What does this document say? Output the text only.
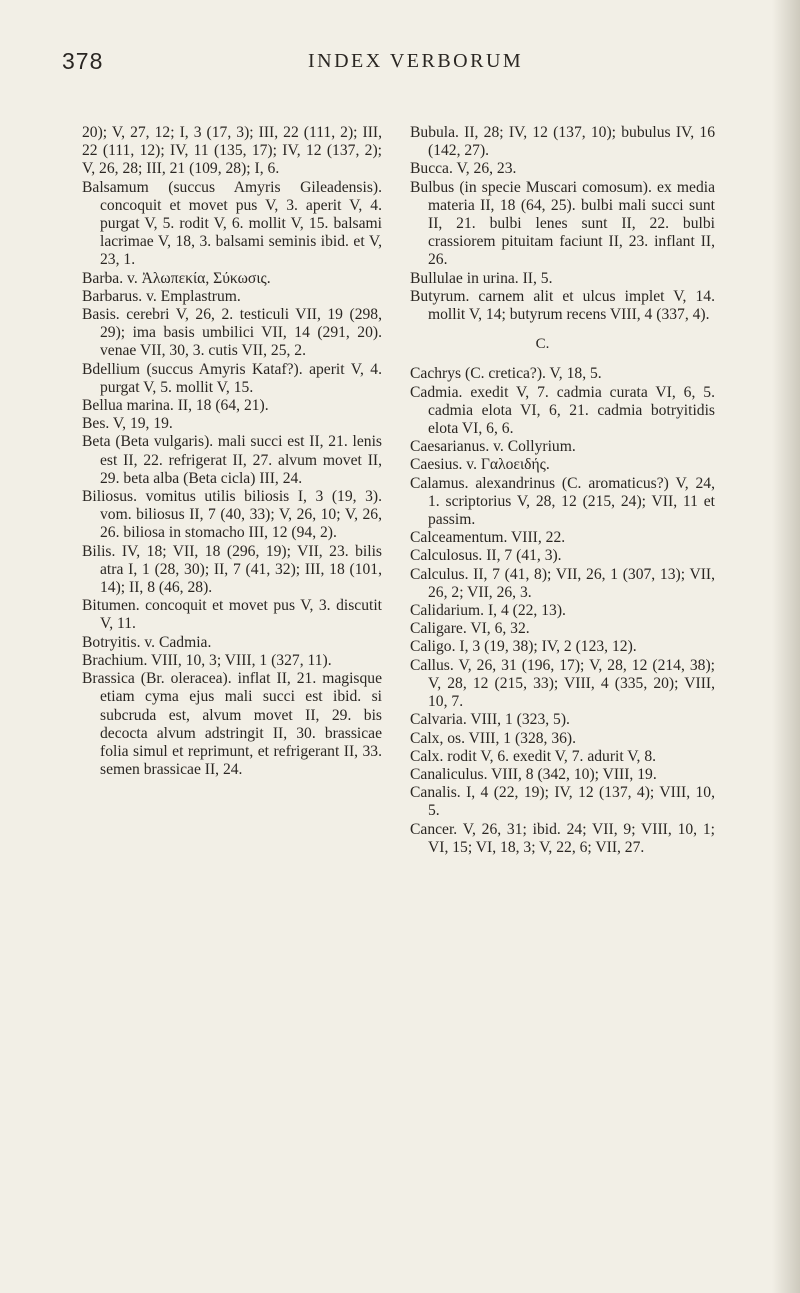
378	INDEX VERBORUM
20); V, 27, 12; I, 3 (17, 3); III, 22 (111, 2); III, 22 (111, 12); IV, 11 (135, 17); IV, 12 (137, 2); V, 26, 28; III, 21 (109, 28); I, 6.
Balsamum (succus Amyris Gileadensis). concoquit et movet pus V, 3. aperit V, 4. purgat V, 5. rodit V, 6. mollit V, 15. balsami lacrimae V, 18, 3. balsami seminis ibid. et V, 23, 1.
Barba. v. Ἀλωπεκία, Σύκωσις.
Barbarus. v. Emplastrum.
Basis. cerebri V, 26, 2. testiculi VII, 19 (298, 29); ima basis umbilici VII, 14 (291, 20). venae VII, 30, 3. cutis VII, 25, 2.
Bdellium (succus Amyris Kataf?). aperit V, 4. purgat V, 5. mollit V, 15.
Bellua marina. II, 18 (64, 21).
Bes. V, 19, 19.
Beta (Beta vulgaris). mali succi est II, 21. lenis est II, 22. refrigerat II, 27. alvum movet II, 29. beta alba (Beta cicla) III, 24.
Biliosus. vomitus utilis biliosis I, 3 (19, 3). vom. biliosus II, 7 (40, 33); V, 26, 10; V, 26, 26. biliosa in stomacho III, 12 (94, 2).
Bilis. IV, 18; VII, 18 (296, 19); VII, 23. bilis atra I, 1 (28, 30); II, 7 (41, 32); III, 18 (101, 14); II, 8 (46, 28).
Bitumen. concoquit et movet pus V, 3. discutit V, 11.
Botryitis. v. Cadmia.
Brachium. VIII, 10, 3; VIII, 1 (327, 11).
Brassica (Br. oleracea). inflat II, 21. magisque etiam cyma ejus mali succi est ibid. si subcruda est, alvum movet II, 29. bis decocta alvum adstringit II, 30. brassicae folia simul et reprimunt, et refrigerant II, 33. semen brassicae II, 24.
Bubula. II, 28; IV, 12 (137, 10); bubulus IV, 16 (142, 27).
Bucca. V, 26, 23.
Bulbus (in specie Muscari comosum). ex media materia II, 18 (64, 25). bulbi mali succi sunt II, 21. bulbi lenes sunt II, 22. bulbi crassiorem pituitam faciunt II, 23. inflant II, 26.
Bullulae in urina. II, 5.
Butyrum. carnem alit et ulcus implet V, 14. mollit V, 14; butyrum recens VIII, 4 (337, 4).
C.
Cachrys (C. cretica?). V, 18, 5.
Cadmia. exedit V, 7. cadmia curata VI, 6, 5. cadmia elota VI, 6, 21. cadmia botryitidis elota VI, 6, 6.
Caesarianus. v. Collyrium.
Caesius. v. Γαλοειδής.
Calamus. alexandrinus (C. aromaticus?) V, 24, 1. scriptorius V, 28, 12 (215, 24); VII, 11 et passim.
Calceamentum. VIII, 22.
Calculosus. II, 7 (41, 3).
Calculus. II, 7 (41, 8); VII, 26, 1 (307, 13); VII, 26, 2; VII, 26, 3.
Calidarium. I, 4 (22, 13).
Caligare. VI, 6, 32.
Caligo. I, 3 (19, 38); IV, 2 (123, 12).
Callus. V, 26, 31 (196, 17); V, 28, 12 (214, 38); V, 28, 12 (215, 33); VIII, 4 (335, 20); VIII, 10, 7.
Calvaria. VIII, 1 (323, 5).
Calx, os. VIII, 1 (328, 36).
Calx. rodit V, 6. exedit V, 7. adurit V, 8.
Canaliculus. VIII, 8 (342, 10); VIII, 19.
Canalis. I, 4 (22, 19); IV, 12 (137, 4); VIII, 10, 5.
Cancer. V, 26, 31; ibid. 24; VII, 9; VIII, 10, 1; VI, 15; VI, 18, 3; V, 22, 6; VII, 27.
